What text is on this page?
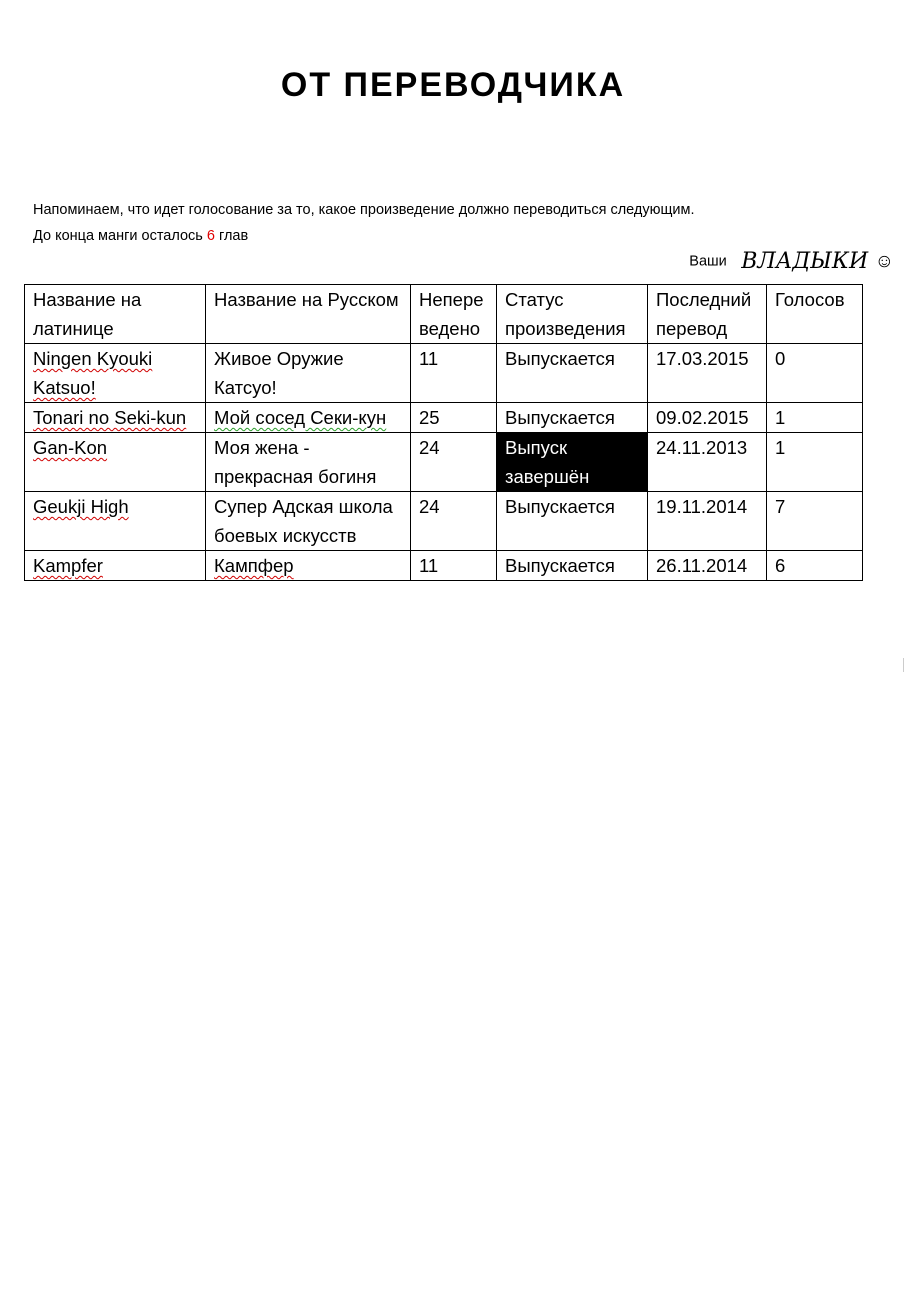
ОТ ПЕРЕВОДЧИКА
Напоминаем, что идет голосование за то, какое произведение должно переводиться следующим.
До конца манги осталось 6 глав
Ваши ВЛАДЫКИ ☺
Название на латинице	Название на Русском	Непере ведено	Статус произведения	Последний перевод	Голосов
Ningen Kyouki Katsuo!	Живое Оружие Катсуо!	11	Выпускается	17.03.2015	0
Tonari no Seki-kun	Мой сосед Секи-кун	25	Выпускается	09.02.2015	1
Gan-Kon	Моя жена - прекрасная богиня	24	Выпуск завершён	24.11.2013	1
Geukji High	Супер Адская школа боевых искусств	24	Выпускается	19.11.2014	7
Kampfer	Кампфер	11	Выпускается	26.11.2014	6
